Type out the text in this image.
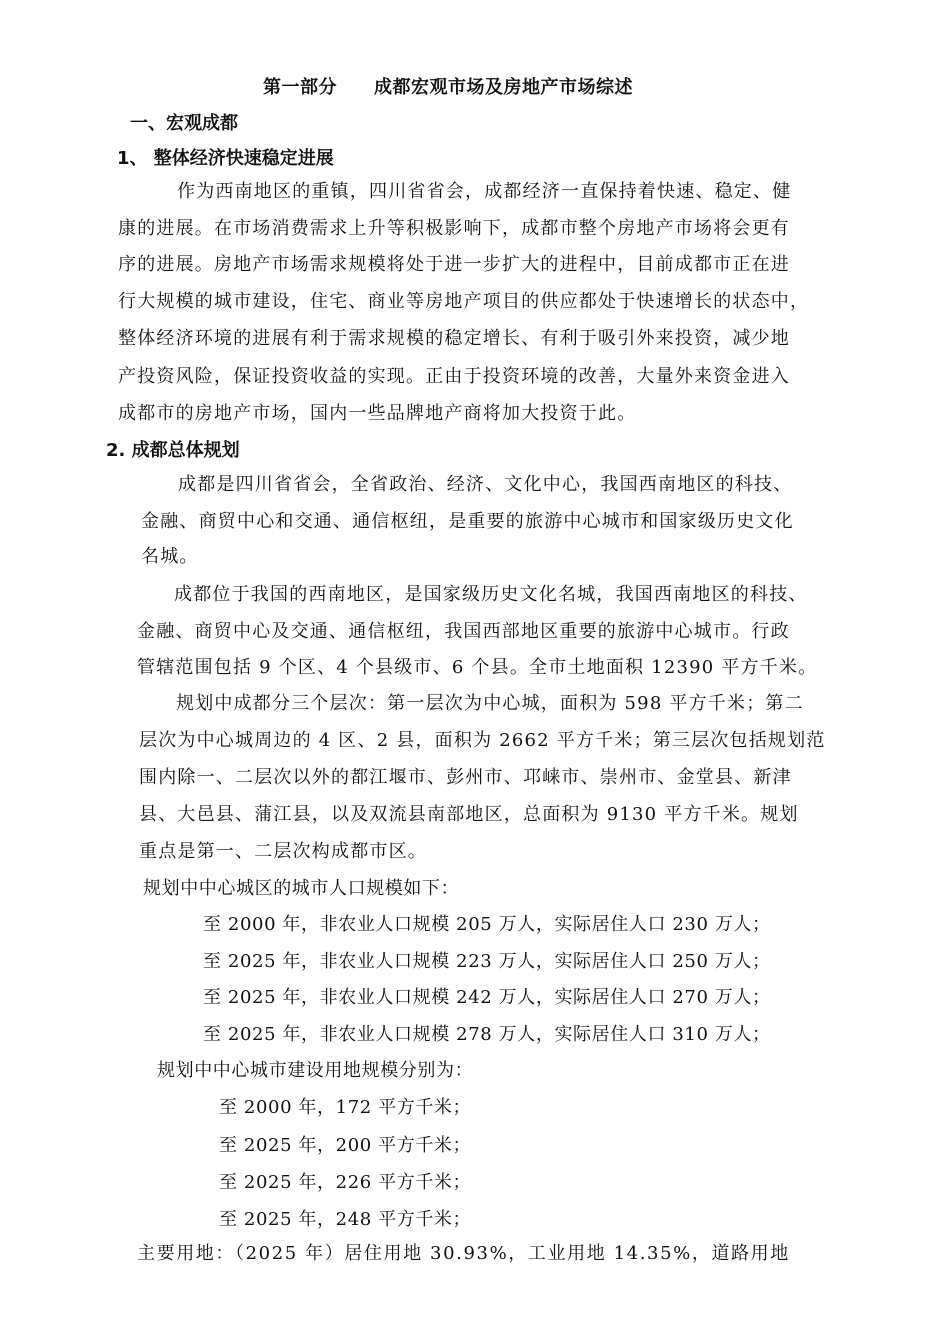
第一部分　　成都宏观市场及房地产市场综述
一、宏观成都
1、 整体经济快速稳定进展
作为西南地区的重镇，四川省省会，成都经济一直保持着快速、稳定、健
康的进展。在市场消费需求上升等积极影响下，成都市整个房地产市场将会更有
序的进展。房地产市场需求规模将处于进一步扩大的进程中，目前成都市正在进
行大规模的城市建设，住宅、商业等房地产项目的供应都处于快速增长的状态中，
整体经济环境的进展有利于需求规模的稳定增长、有利于吸引外来投资，减少地
产投资风险，保证投资收益的实现。正由于投资环境的改善，大量外来资金进入
成都市的房地产市场，国内一些品牌地产商将加大投资于此。
2. 成都总体规划
成都是四川省省会，全省政治、经济、文化中心，我国西南地区的科技、
金融、商贸中心和交通、通信枢纽，是重要的旅游中心城市和国家级历史文化
名城。
成都位于我国的西南地区，是国家级历史文化名城，我国西南地区的科技、
金融、商贸中心及交通、通信枢纽，我国西部地区重要的旅游中心城市。行政
管辖范围包括 9 个区、4 个县级市、6 个县。全市土地面积 12390 平方千米。
规划中成都分三个层次：第一层次为中心城，面积为 598 平方千米；第二
层次为中心城周边的 4 区、2 县，面积为 2662 平方千米；第三层次包括规划范
围内除一、二层次以外的都江堰市、彭州市、邛崃市、崇州市、金堂县、新津
县、大邑县、蒲江县，以及双流县南部地区，总面积为 9130 平方千米。规划
重点是第一、二层次构成都市区。
规划中中心城区的城市人口规模如下：
至 2000 年，非农业人口规模 205 万人，实际居住人口 230 万人；
至 2025 年，非农业人口规模 223 万人，实际居住人口 250 万人；
至 2025 年，非农业人口规模 242 万人，实际居住人口 270 万人；
至 2025 年，非农业人口规模 278 万人，实际居住人口 310 万人；
规划中中心城市建设用地规模分别为：
至 2000 年，172 平方千米；
至 2025 年，200 平方千米；
至 2025 年，226 平方千米；
至 2025 年，248 平方千米；
主要用地：（2025 年）居住用地 30.93%，工业用地 14.35%，道路用地
